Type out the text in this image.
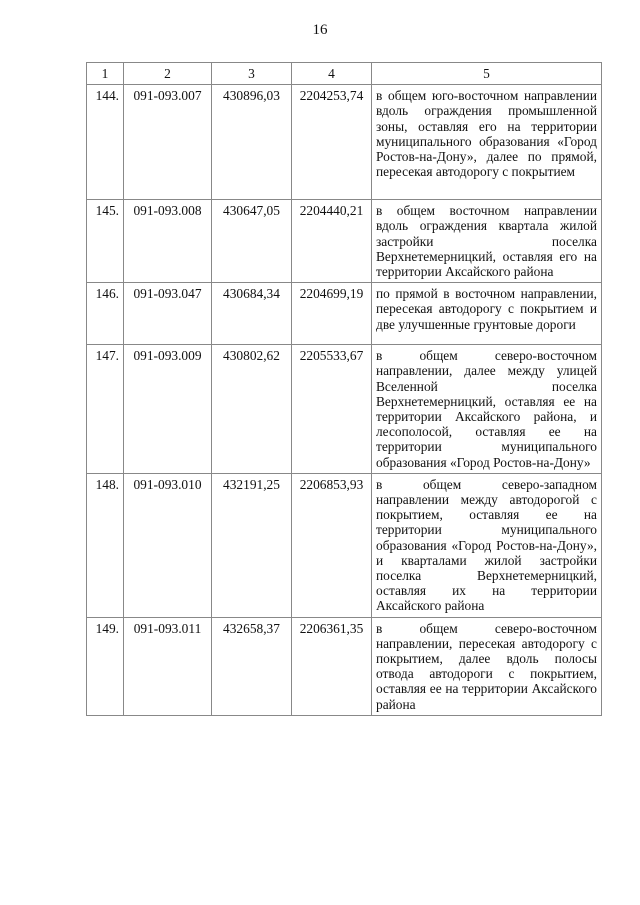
16
1	2	3	4	5
144.	091-093.007	430896,03	2204253,74	в общем юго-восточном направлении вдоль ограждения промышленной зоны, оставляя его на территории муниципального образования «Город Ростов-на-Дону», далее по прямой, пересекая автодорогу с покрытием
145.	091-093.008	430647,05	2204440,21	в общем восточном направлении вдоль ограждения квартала жилой застройки поселка Верхнетемерницкий, оставляя его на территории Аксайского района
146.	091-093.047	430684,34	2204699,19	по прямой в восточном направлении, пересекая автодорогу с покрытием и две улучшенные грунтовые дороги
147.	091-093.009	430802,62	2205533,67	в общем северо-восточном направлении, далее между улицей Вселенной поселка Верхнетемерницкий, оставляя ее на территории Аксайского района, и лесополосой, оставляя ее на территории муниципального образования «Город Ростов-на-Дону»
148.	091-093.010	432191,25	2206853,93	в общем северо-западном направлении между автодорогой с покрытием, оставляя ее на территории муниципального образования «Город Ростов-на-Дону», и кварталами жилой застройки поселка Верхнетемерницкий, оставляя их на территории Аксайского района
149.	091-093.011	432658,37	2206361,35	в общем северо-восточном направлении, пересекая автодорогу с покрытием, далее вдоль полосы отвода автодороги с покрытием, оставляя ее на территории Аксайского района
